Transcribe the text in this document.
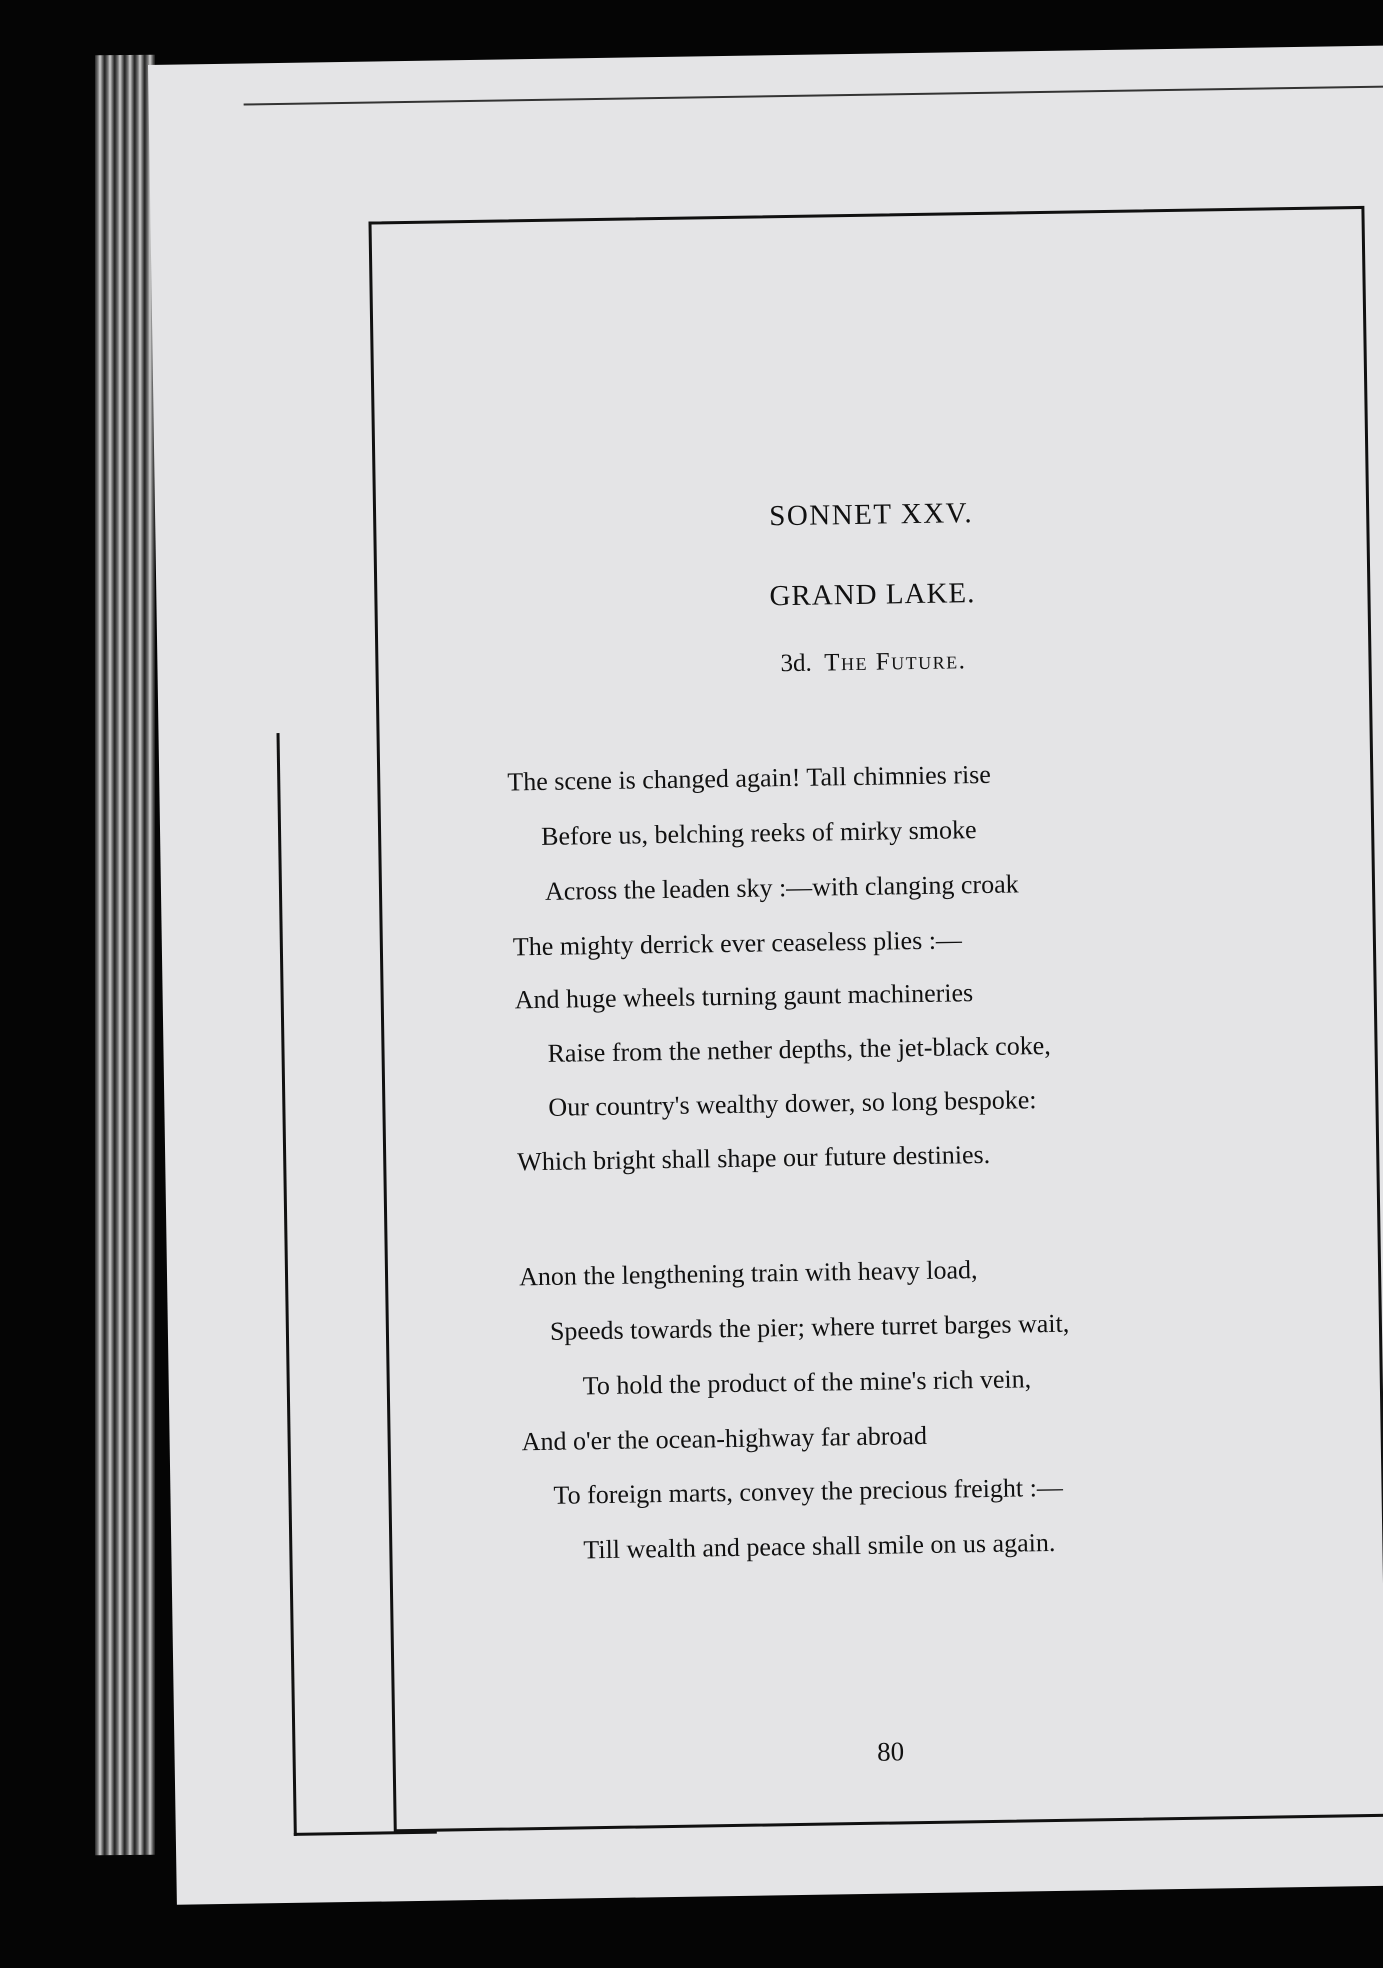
SONNET XXV.
GRAND LAKE.
3d. The Future.
The scene is changed again! Tall chimnies rise
Before us, belching reeks of mirky smoke
Across the leaden sky :—with clanging croak
The mighty derrick ever ceaseless plies :—
And huge wheels turning gaunt machineries
Raise from the nether depths, the jet-black coke,
Our country's wealthy dower, so long bespoke:
Which bright shall shape our future destinies.
Anon the lengthening train with heavy load,
Speeds towards the pier; where turret barges wait,
To hold the product of the mine's rich vein,
And o'er the ocean-highway far abroad
To foreign marts, convey the precious freight :—
Till wealth and peace shall smile on us again.
80
